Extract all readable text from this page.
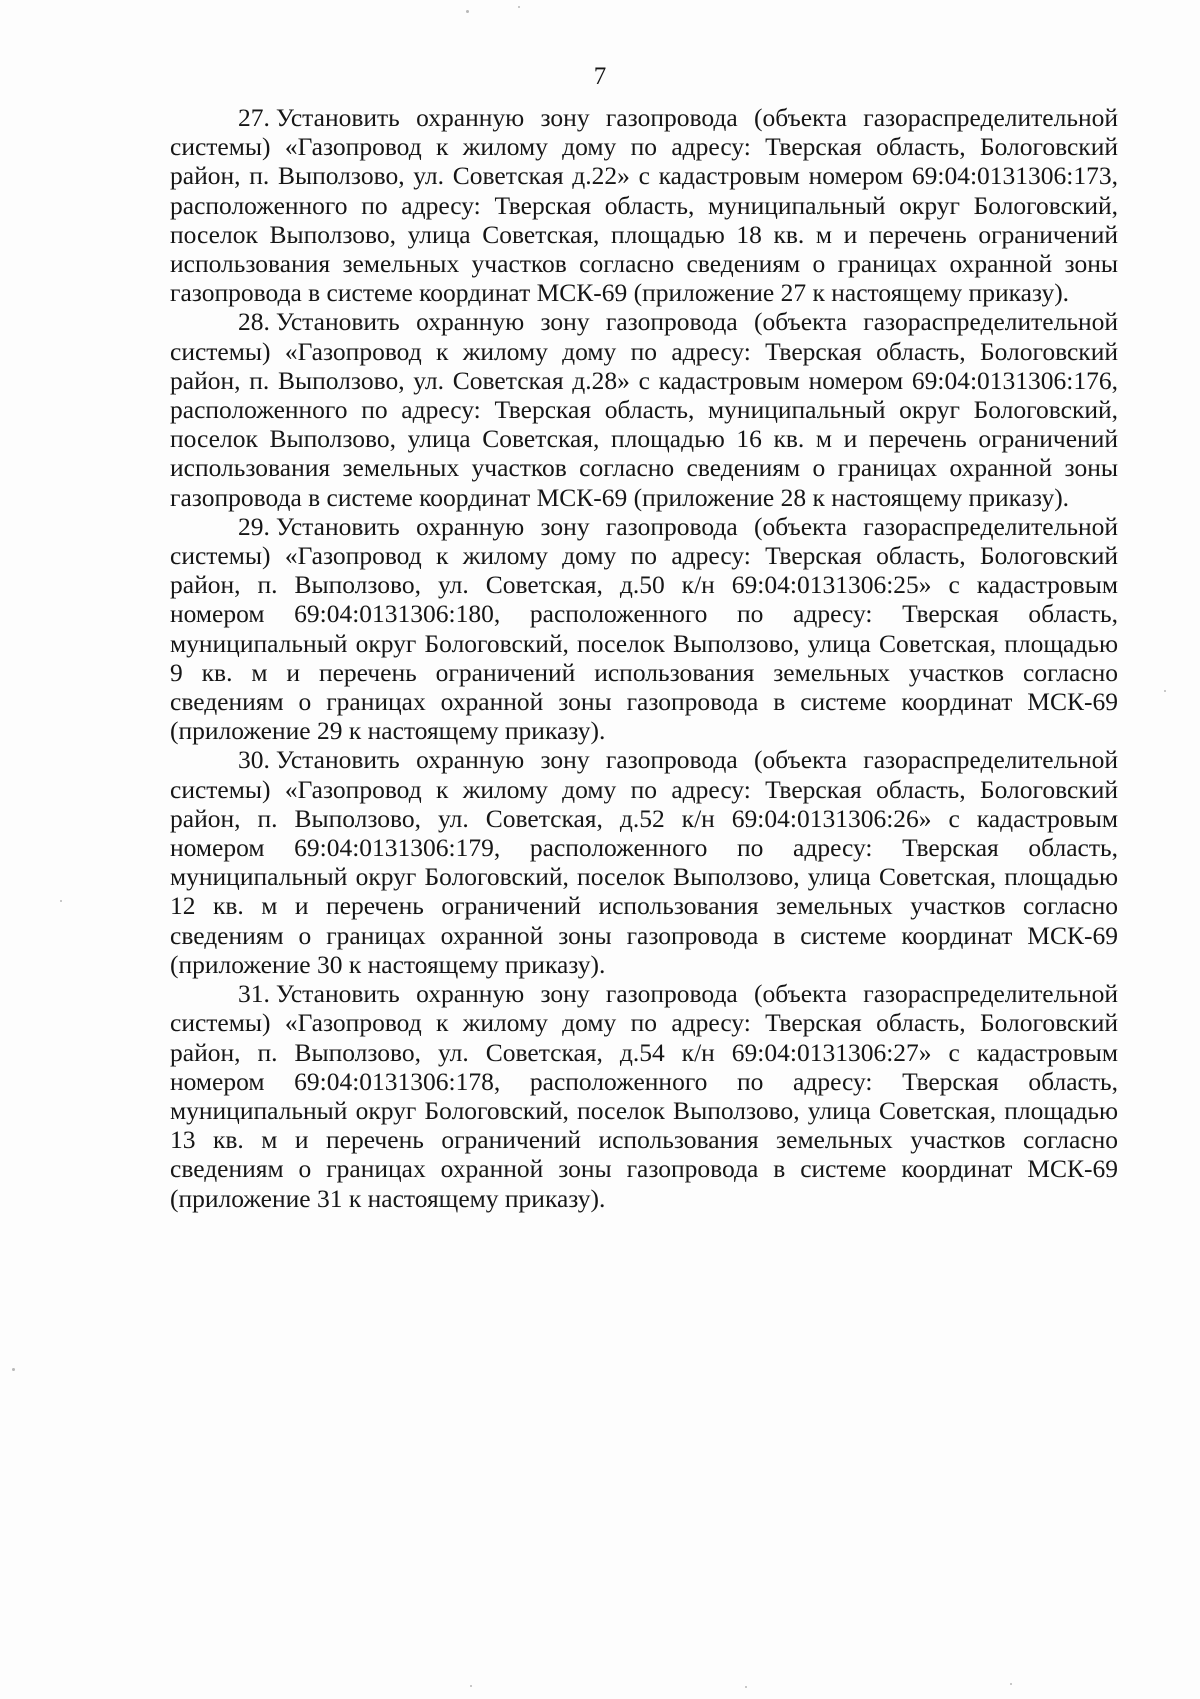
7

27. Установить охранную зону газопровода (объекта газораспределительной системы) «Газопровод к жилому дому по адресу: Тверская область, Бологовский район, п. Выползово, ул. Советская д.22» с кадастровым номером 69:04:0131306:173, расположенного по адресу: Тверская область, муниципальный округ Бологовский, поселок Выползово, улица Советская, площадью 18 кв. м и перечень ограничений использования земельных участков согласно сведениям о границах охранной зоны газопровода в системе координат МСК-69 (приложение 27 к настоящему приказу).

28. Установить охранную зону газопровода (объекта газораспределительной системы) «Газопровод к жилому дому по адресу: Тверская область, Бологовский район, п. Выползово, ул. Советская д.28» с кадастровым номером 69:04:0131306:176, расположенного по адресу: Тверская область, муниципальный округ Бологовский, поселок Выползово, улица Советская, площадью 16 кв. м и перечень ограничений использования земельных участков согласно сведениям о границах охранной зоны газопровода в системе координат МСК-69 (приложение 28 к настоящему приказу).

29. Установить охранную зону газопровода (объекта газораспределительной системы) «Газопровод к жилому дому по адресу: Тверская область, Бологовский район, п. Выползово, ул. Советская, д.50 к/н 69:04:0131306:25» с кадастровым номером 69:04:0131306:180, расположенного по адресу: Тверская область, муниципальный округ Бологовский, поселок Выползово, улица Советская, площадью 9 кв. м и перечень ограничений использования земельных участков согласно сведениям о границах охранной зоны газопровода в системе координат МСК-69 (приложение 29 к настоящему приказу).

30. Установить охранную зону газопровода (объекта газораспределительной системы) «Газопровод к жилому дому по адресу: Тверская область, Бологовский район, п. Выползово, ул. Советская, д.52 к/н 69:04:0131306:26» с кадастровым номером 69:04:0131306:179, расположенного по адресу: Тверская область, муниципальный округ Бологовский, поселок Выползово, улица Советская, площадью 12 кв. м и перечень ограничений использования земельных участков согласно сведениям о границах охранной зоны газопровода в системе координат МСК-69 (приложение 30 к настоящему приказу).

31. Установить охранную зону газопровода (объекта газораспределительной системы) «Газопровод к жилому дому по адресу: Тверская область, Бологовский район, п. Выползово, ул. Советская, д.54 к/н 69:04:0131306:27» с кадастровым номером 69:04:0131306:178, расположенного по адресу: Тверская область, муниципальный округ Бологовский, поселок Выползово, улица Советская, площадью 13 кв. м и перечень ограничений использования земельных участков согласно сведениям о границах охранной зоны газопровода в системе координат МСК-69 (приложение 31 к настоящему приказу).
